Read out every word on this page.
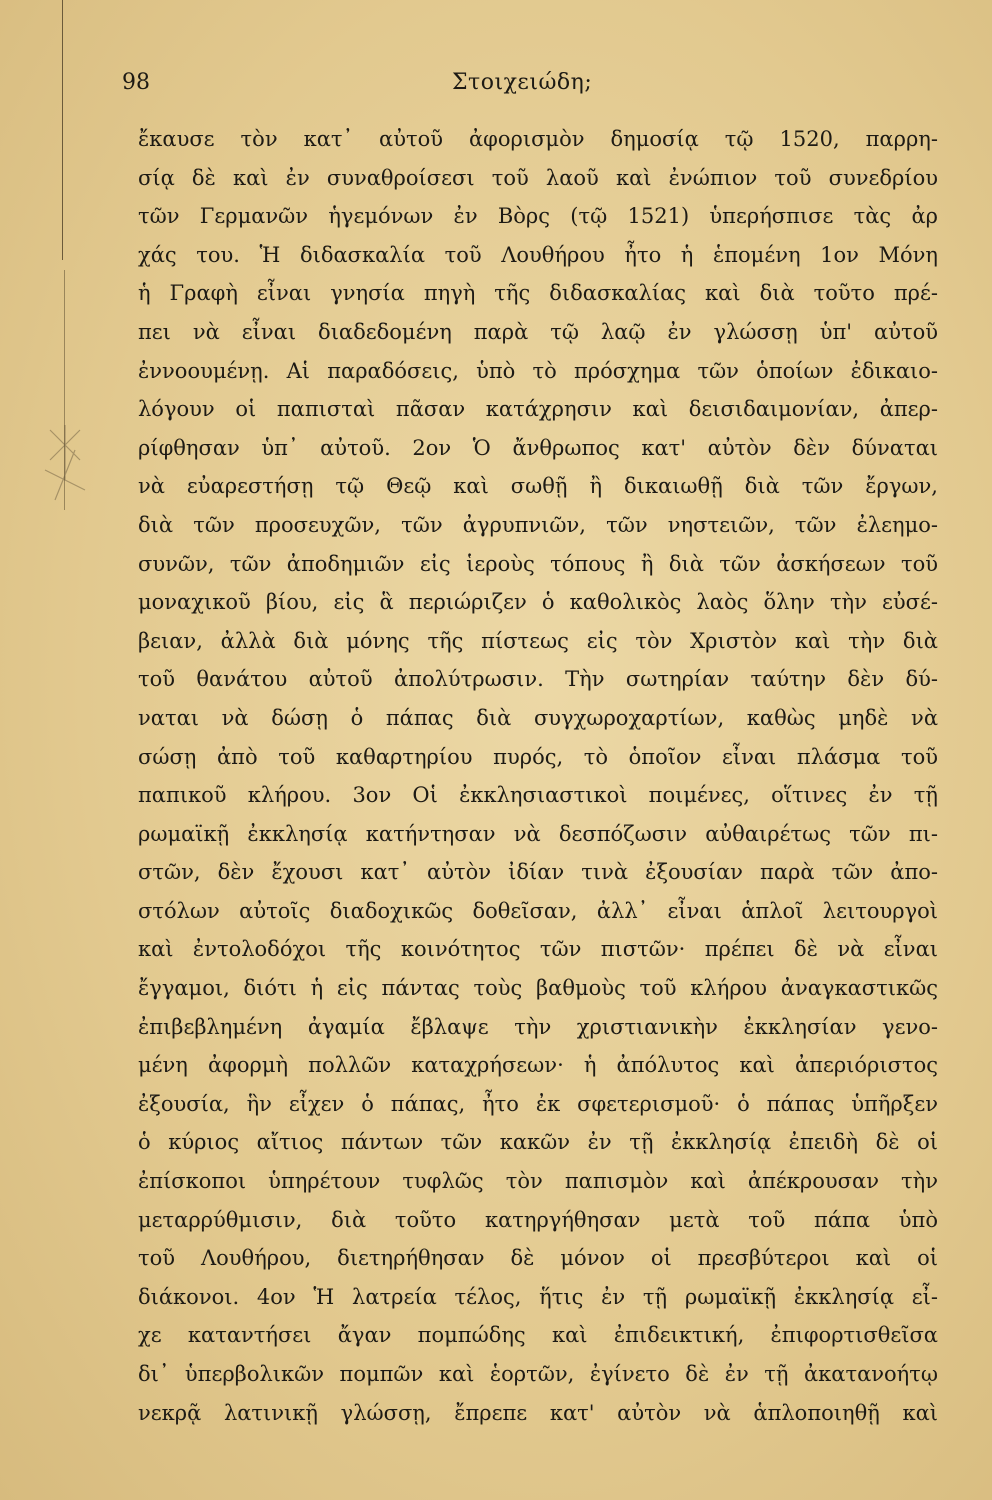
98	Στοιχειώδη;
ἔκαυσε τὸν κατ᾽ αὐτοῦ ἀφορισμὸν δημοσίᾳ τῷ 1520, παρρη-
σίᾳ δὲ καὶ ἐν συναθροίσεσι τοῦ λαοῦ καὶ ἐνώπιον τοῦ συνεδρίου
τῶν Γερμανῶν ἡγεμόνων ἐν Βὸρς (τῷ 1521) ὑπερήσπισε τὰς ἀρ
χάς του. Ἡ διδασκαλία τοῦ Λουθήρου ἦτο ἡ ἑπομένη 1ον Μόνη
ἡ Γραφὴ εἶναι γνησία πηγὴ τῆς διδασκαλίας καὶ διὰ τοῦτο πρέ-
πει νὰ εἶναι διαδεδομένη παρὰ τῷ λαῷ ἐν γλώσσῃ ὑπ' αὐτοῦ
ἐννοουμένῃ. Αἱ παραδόσεις, ὑπὸ τὸ πρόσχημα τῶν ὁποίων ἐδικαιο-
λόγουν οἱ παπισταὶ πᾶσαν κατάχρησιν καὶ δεισιδαιμονίαν, ἀπερ-
ρίφθησαν ὑπ᾽ αὐτοῦ. 2ον Ὁ ἄνθρωπος κατ' αὐτὸν δὲν δύναται
νὰ εὐαρεστήσῃ τῷ Θεῷ καὶ σωθῇ ἢ δικαιωθῇ διὰ τῶν ἔργων,
διὰ τῶν προσευχῶν, τῶν ἀγρυπνιῶν, τῶν νηστειῶν, τῶν ἐλεημο-
συνῶν, τῶν ἀποδημιῶν εἰς ἱεροὺς τόπους ἢ διὰ τῶν ἀσκήσεων τοῦ
μοναχικοῦ βίου, εἰς ἃ περιώριζεν ὁ καθολικὸς λαὸς ὅλην τὴν εὐσέ-
βειαν, ἀλλὰ διὰ μόνης τῆς πίστεως εἰς τὸν Χριστὸν καὶ τὴν διὰ
τοῦ θανάτου αὐτοῦ ἀπολύτρωσιν. Τὴν σωτηρίαν ταύτην δὲν δύ-
ναται νὰ δώσῃ ὁ πάπας διὰ συγχωροχαρτίων, καθὼς μηδὲ νὰ
σώσῃ ἀπὸ τοῦ καθαρτηρίου πυρός, τὸ ὁποῖον εἶναι πλάσμα τοῦ
παπικοῦ κλήρου. 3ον Οἱ ἐκκλησιαστικοὶ ποιμένες, οἵτινες ἐν τῇ
ρωμαϊκῇ ἐκκλησίᾳ κατήντησαν νὰ δεσπόζωσιν αὐθαιρέτως τῶν πι-
στῶν, δὲν ἔχουσι κατ᾽ αὐτὸν ἰδίαν τινὰ ἐξουσίαν παρὰ τῶν ἀπο-
στόλων αὐτοῖς διαδοχικῶς δοθεῖσαν, ἀλλ᾽ εἶναι ἁπλοῖ λειτουργοὶ
καὶ ἐντολοδόχοι τῆς κοινότητος τῶν πιστῶν· πρέπει δὲ νὰ εἶναι
ἔγγαμοι, διότι ἡ εἰς πάντας τοὺς βαθμοὺς τοῦ κλήρου ἀναγκαστικῶς
ἐπιβεβλημένη ἀγαμία ἔβλαψε τὴν χριστιανικὴν ἐκκλησίαν γενο-
μένη ἀφορμὴ πολλῶν καταχρήσεων· ἡ ἀπόλυτος καὶ ἀπεριόριστος
ἐξουσία, ἣν εἶχεν ὁ πάπας, ἦτο ἐκ σφετερισμοῦ· ὁ πάπας ὑπῆρξεν
ὁ κύριος αἴτιος πάντων τῶν κακῶν ἐν τῇ ἐκκλησίᾳ ἐπειδὴ δὲ οἱ
ἐπίσκοποι ὑπηρέτουν τυφλῶς τὸν παπισμὸν καὶ ἀπέκρουσαν τὴν
μεταρρύθμισιν, διὰ τοῦτο κατηργήθησαν μετὰ τοῦ πάπα ὑπὸ
τοῦ Λουθήρου, διετηρήθησαν δὲ μόνον οἱ πρεσβύτεροι καὶ οἱ
διάκονοι. 4ον Ἡ λατρεία τέλος, ἥτις ἐν τῇ ρωμαϊκῇ ἐκκλησίᾳ εἶ-
χε καταντήσει ἄγαν πομπώδης καὶ ἐπιδεικτική, ἐπιφορτισθεῖσα
δι᾽ ὑπερβολικῶν πομπῶν καὶ ἑορτῶν, ἐγίνετο δὲ ἐν τῇ ἀκατανοήτῳ
νεκρᾷ λατινικῇ γλώσσῃ, ἔπρεπε κατ' αὐτὸν νὰ ἁπλοποιηθῇ καὶ
